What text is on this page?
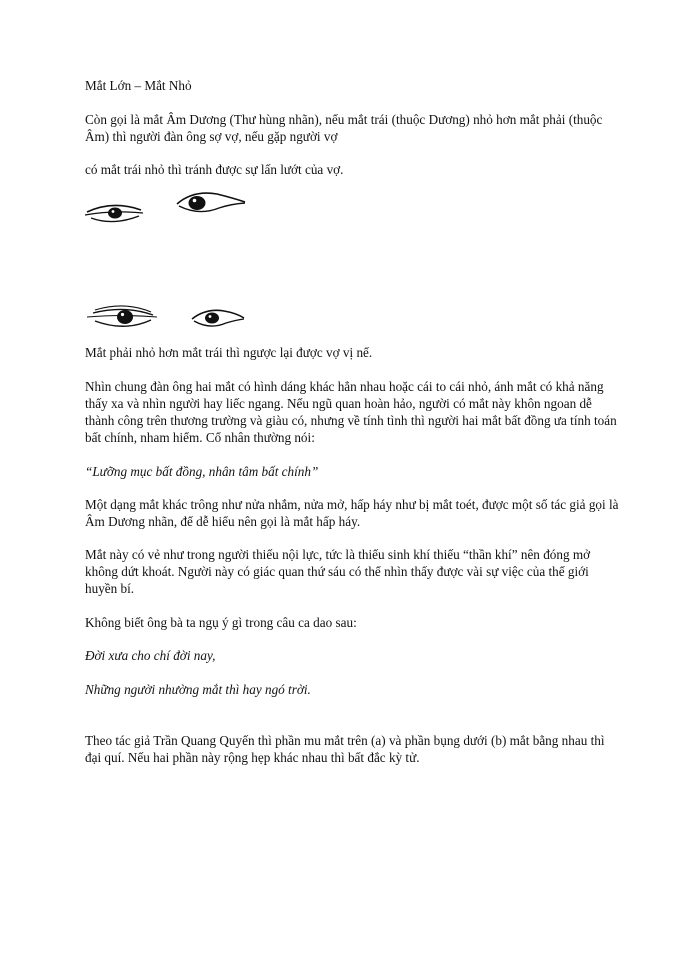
Mắt Lớn – Mắt Nhỏ

Còn gọi là mắt Âm Dương (Thư hùng nhãn), nếu mắt trái (thuộc Dương) nhỏ hơn mắt phải (thuộc Âm) thì người đàn ông sợ vợ, nếu gặp người vợ

có mắt trái nhỏ thì tránh được sự lấn lướt của vợ.

Mắt phải nhỏ hơn mắt trái thì ngược lại được vợ vị nể.

Nhìn chung đàn ông hai mắt có hình dáng khác hẳn nhau hoặc cái to cái nhỏ, ánh mắt có khả năng thấy xa và nhìn người hay liếc ngang. Nếu ngũ quan hoàn hảo, người có mắt này khôn ngoan dễ thành công trên thương trường và giàu có, nhưng về tính tình thì người hai mắt bất đồng ưa tính toán bất chính, nham hiểm. Cổ nhân thường nói:

“Lưỡng mục bất đồng, nhân tâm bất chính”

Một dạng mắt khác trông như nửa nhắm, nửa mở, hấp háy như bị mắt toét, được một số tác giả gọi là Âm Dương nhãn, để dễ hiểu nên gọi là mắt hấp háy.

Mắt này có vẻ như trong người thiếu nội lực, tức là thiếu sinh khí thiếu “thần khí” nên đóng mở không dứt khoát. Người này có giác quan thứ sáu có thể nhìn thấy được vài sự việc của thế giới huyền bí.

Không biết ông bà ta ngụ ý gì trong câu ca dao sau:

Đời xưa cho chí đời nay,

Những người nhường mắt thì hay ngó trời.

Theo tác giả Trần Quang Quyến thì phần mu mắt trên (a) và phần bụng dưới (b) mắt bằng nhau thì đại quí. Nếu hai phần này rộng hẹp khác nhau thì bất đắc kỳ tử.
